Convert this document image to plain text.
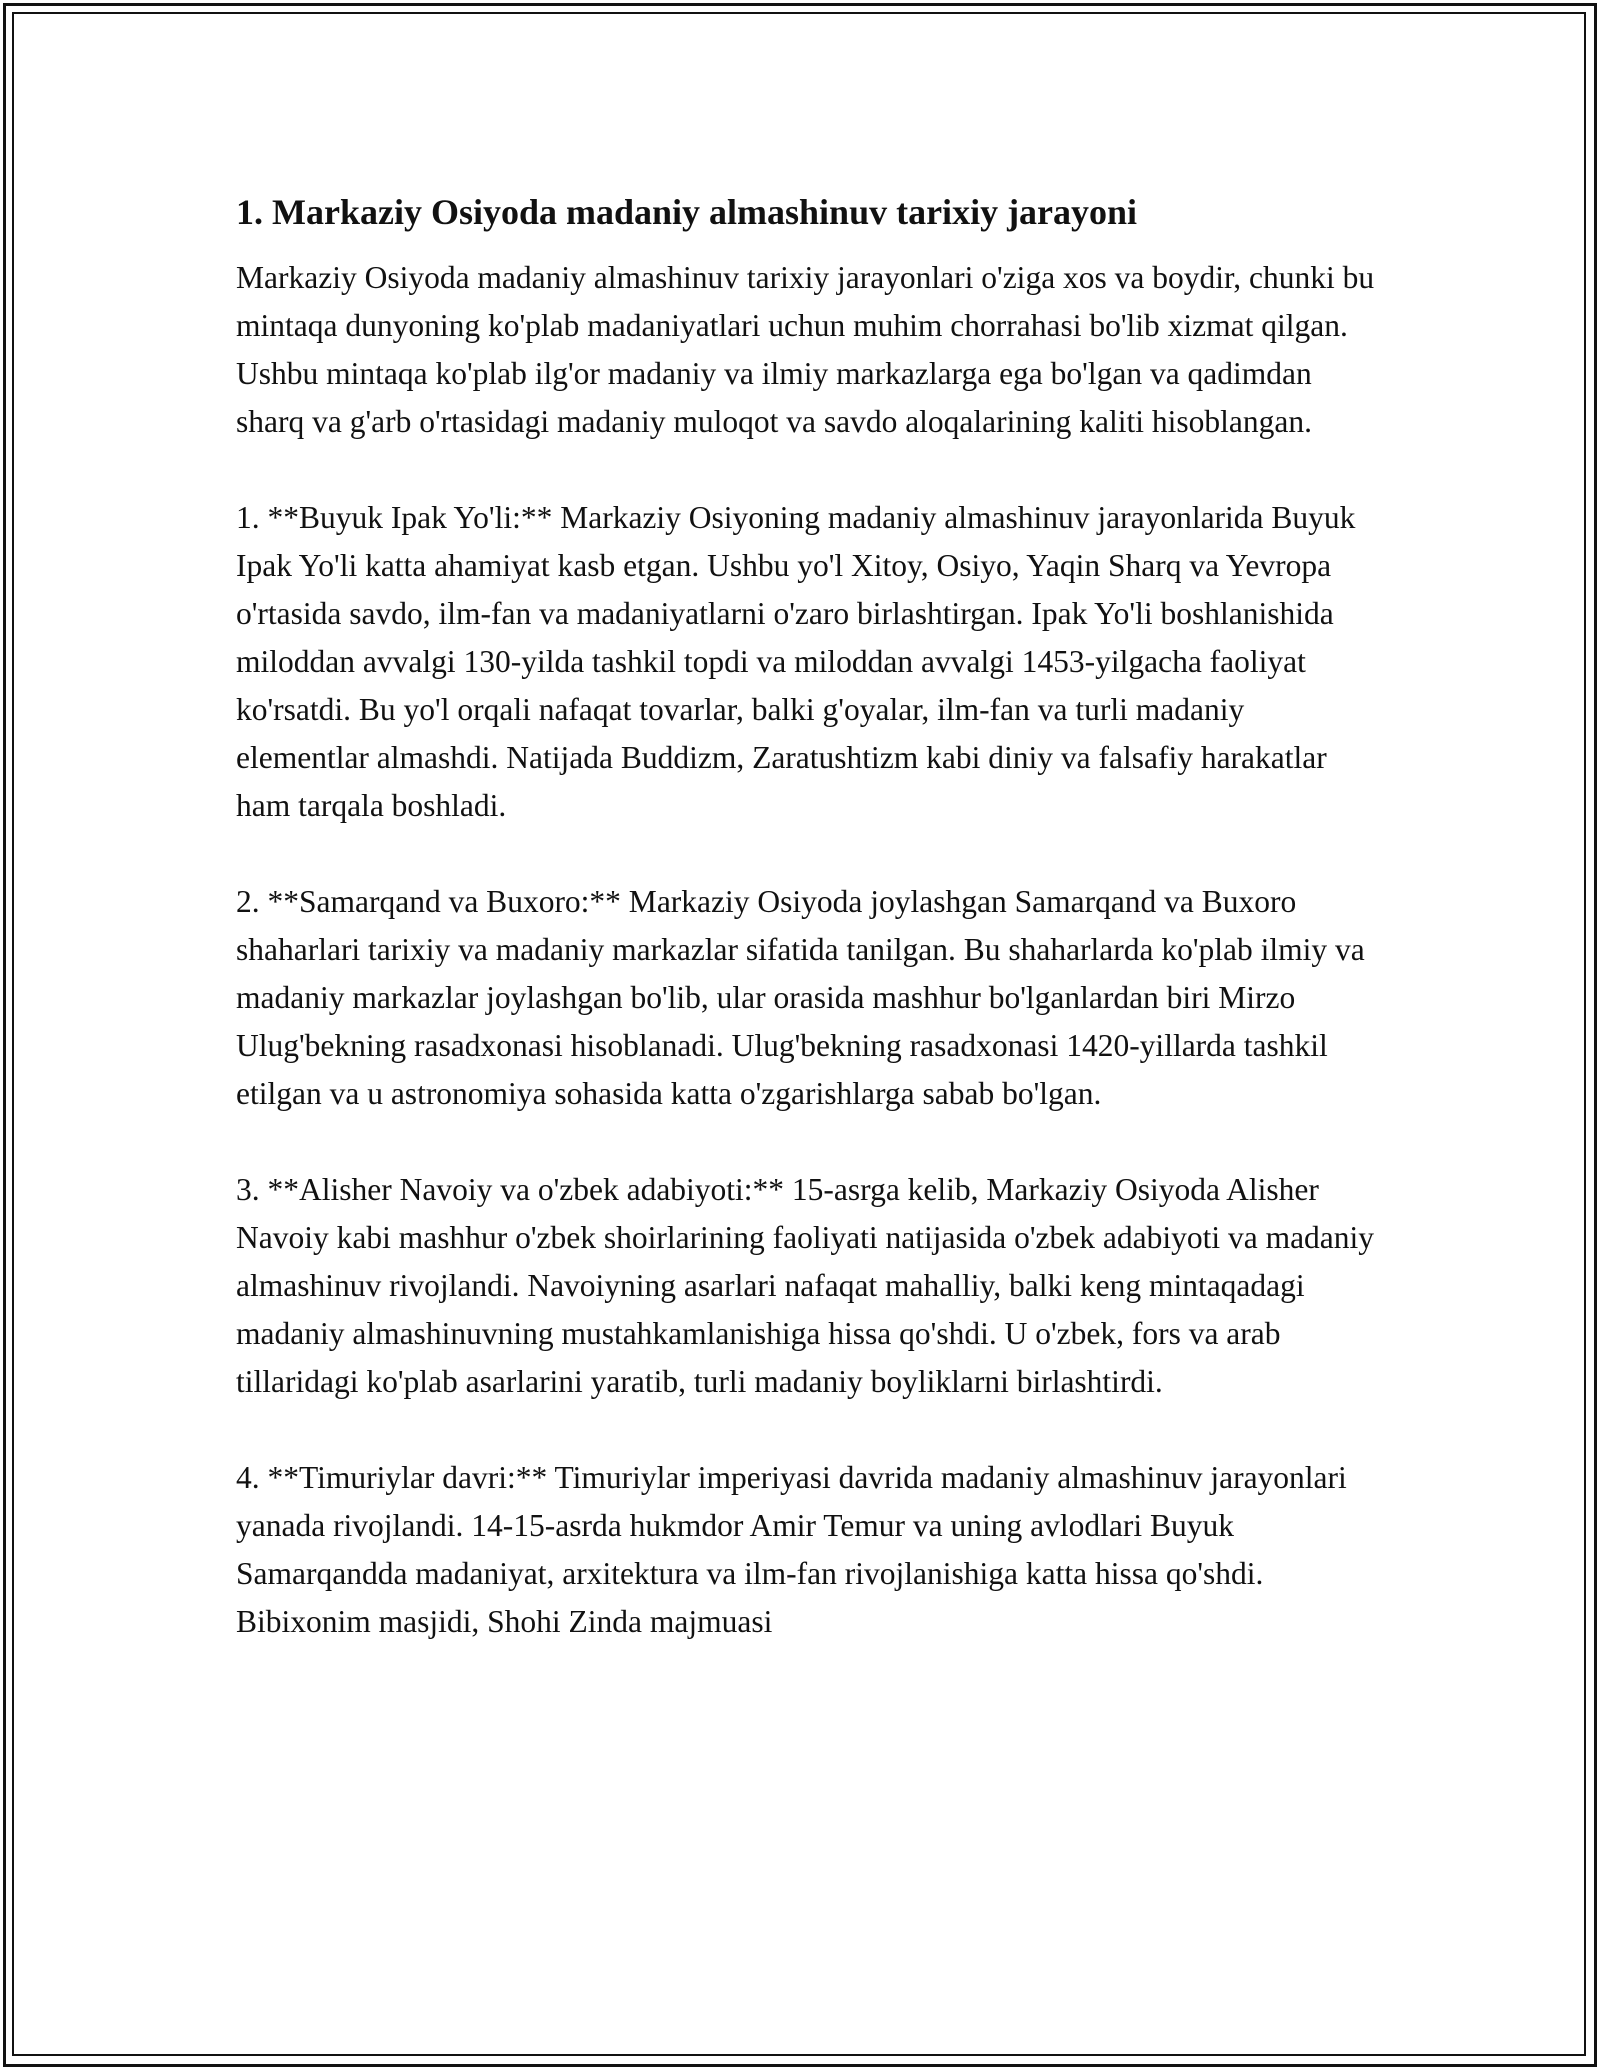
1. Markaziy Osiyoda madaniy almashinuv tarixiy jarayoni

Markaziy Osiyoda madaniy almashinuv tarixiy jarayonlari o'ziga xos va boydir, chunki bu mintaqa dunyoning ko'plab madaniyatlari uchun muhim chorrahasi bo'lib xizmat qilgan. Ushbu mintaqa ko'plab ilg'or madaniy va ilmiy markazlarga ega bo'lgan va qadimdan sharq va g'arb o'rtasidagi madaniy muloqot va savdo aloqalarining kaliti hisoblangan.

1. **Buyuk Ipak Yo'li:** Markaziy Osiyoning madaniy almashinuv jarayonlarida Buyuk Ipak Yo'li katta ahamiyat kasb etgan. Ushbu yo'l Xitoy, Osiyo, Yaqin Sharq va Yevropa o'rtasida savdo, ilm-fan va madaniyatlarni o'zaro birlashtirgan. Ipak Yo'li boshlanishida miloddan avvalgi 130-yilda tashkil topdi va miloddan avvalgi 1453-yilgacha faoliyat ko'rsatdi. Bu yo'l orqali nafaqat tovarlar, balki g'oyalar, ilm-fan va turli madaniy elementlar almashdi. Natijada Buddizm, Zaratushtizm kabi diniy va falsafiy harakatlar ham tarqala boshladi.

2. **Samarqand va Buxoro:** Markaziy Osiyoda joylashgan Samarqand va Buxoro shaharlari tarixiy va madaniy markazlar sifatida tanilgan. Bu shaharlarda ko'plab ilmiy va madaniy markazlar joylashgan bo'lib, ular orasida mashhur bo'lganlardan biri Mirzo Ulug'bekning rasadxonasi hisoblanadi. Ulug'bekning rasadxonasi 1420-yillarda tashkil etilgan va u astronomiya sohasida katta o'zgarishlarga sabab bo'lgan.

3. **Alisher Navoiy va o'zbek adabiyoti:** 15-asrga kelib, Markaziy Osiyoda Alisher Navoiy kabi mashhur o'zbek shoirlarining faoliyati natijasida o'zbek adabiyoti va madaniy almashinuv rivojlandi. Navoiyning asarlari nafaqat mahalliy, balki keng mintaqadagi madaniy almashinuvning mustahkamlanishiga hissa qo'shdi. U o'zbek, fors va arab tillaridagi ko'plab asarlarini yaratib, turli madaniy boyliklarni birlashtirdi.

4. **Timuriylar davri:** Timuriylar imperiyasi davrida madaniy almashinuv jarayonlari yanada rivojlandi. 14-15-asrda hukmdor Amir Temur va uning avlodlari Buyuk Samarqandda madaniyat, arxitektura va ilm-fan rivojlanishiga katta hissa qo'shdi. Bibixonim masjidi, Shohi Zinda majmuasi
